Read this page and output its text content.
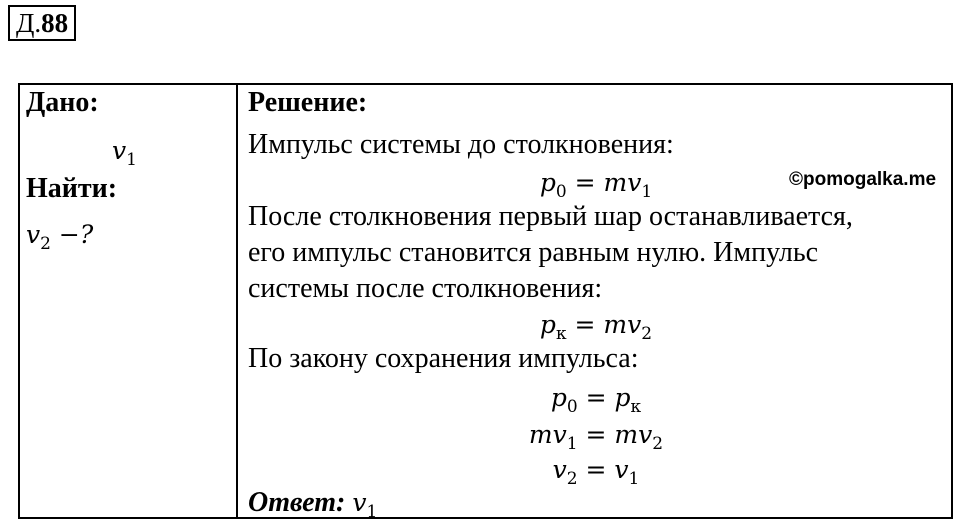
Д.88
Дано:
$v_1$
Найти:
$v_2$ −?
Решение:
Импульс системы до столкновения:
$p_0 = mv_1$
©pomogalka.me
После столкновения первый шар останавливается,
его импульс становится равным нулю. Импульс
системы после столкновения:
$p_к = mv_2$
По закону сохранения импульса:
$p_0 = p_к$
$mv_1 = mv_2$
$v_2 = v_1$
Ответ: $v_1$
